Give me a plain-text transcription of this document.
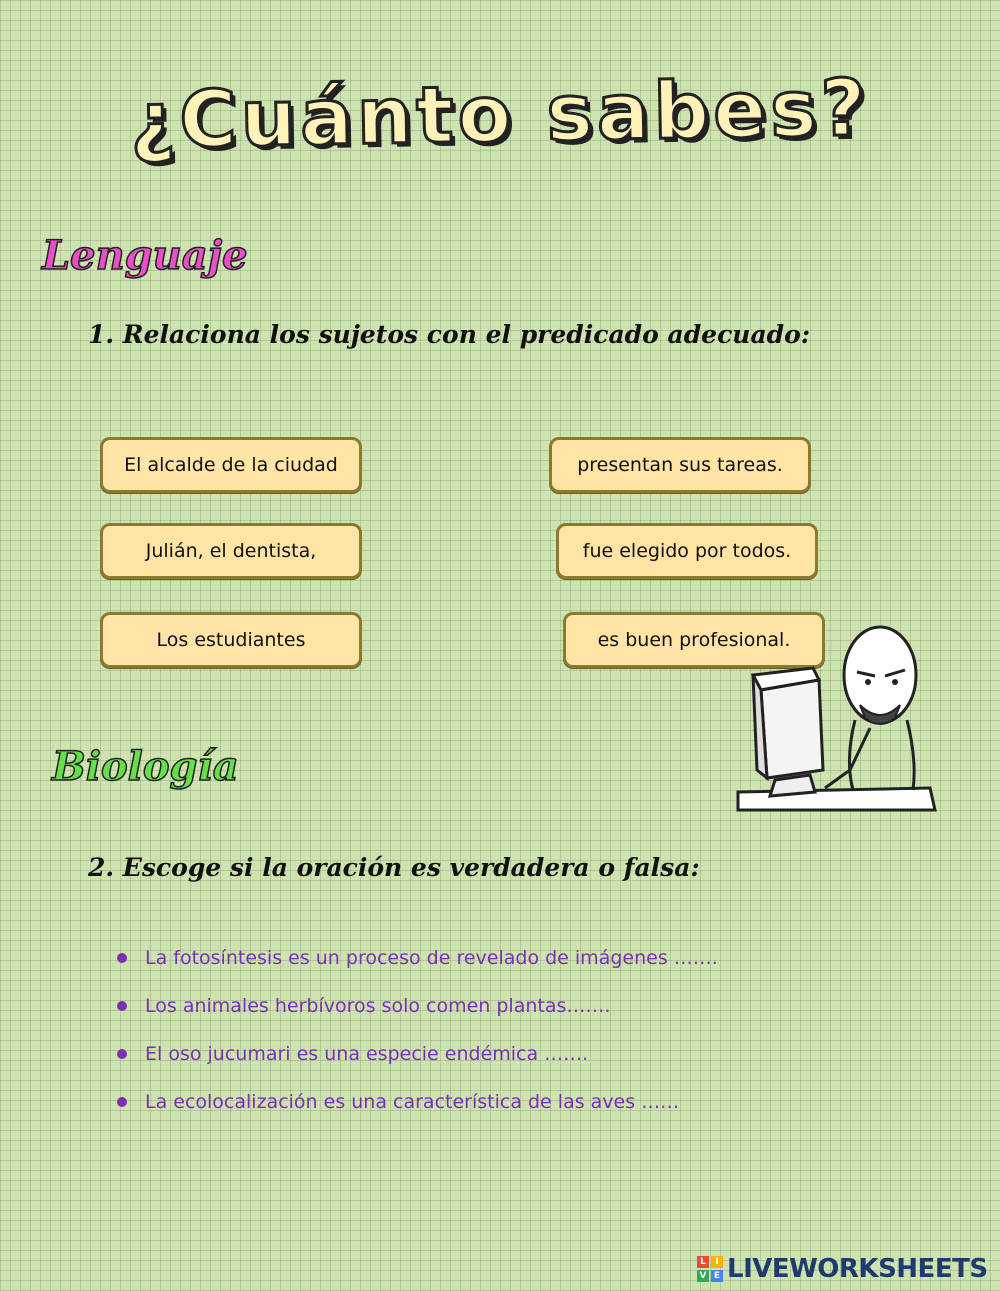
¿Cuánto sabes?
Lenguaje
1. Relaciona los sujetos con el predicado adecuado:
El alcalde de la ciudad
Julián, el dentista,
Los estudiantes
presentan sus tareas.
fue elegido por todos.
es buen profesional.
Biología
2. Escoge si la oración es verdadera o falsa:
La fotosíntesis es un proceso de revelado de imágenes …….
Los animales herbívoros solo comen plantas…….
El oso jucumari es una especie endémica …….
La ecolocalización es una característica de las aves ……
L	I
V E LIVEWORKSHEETS
